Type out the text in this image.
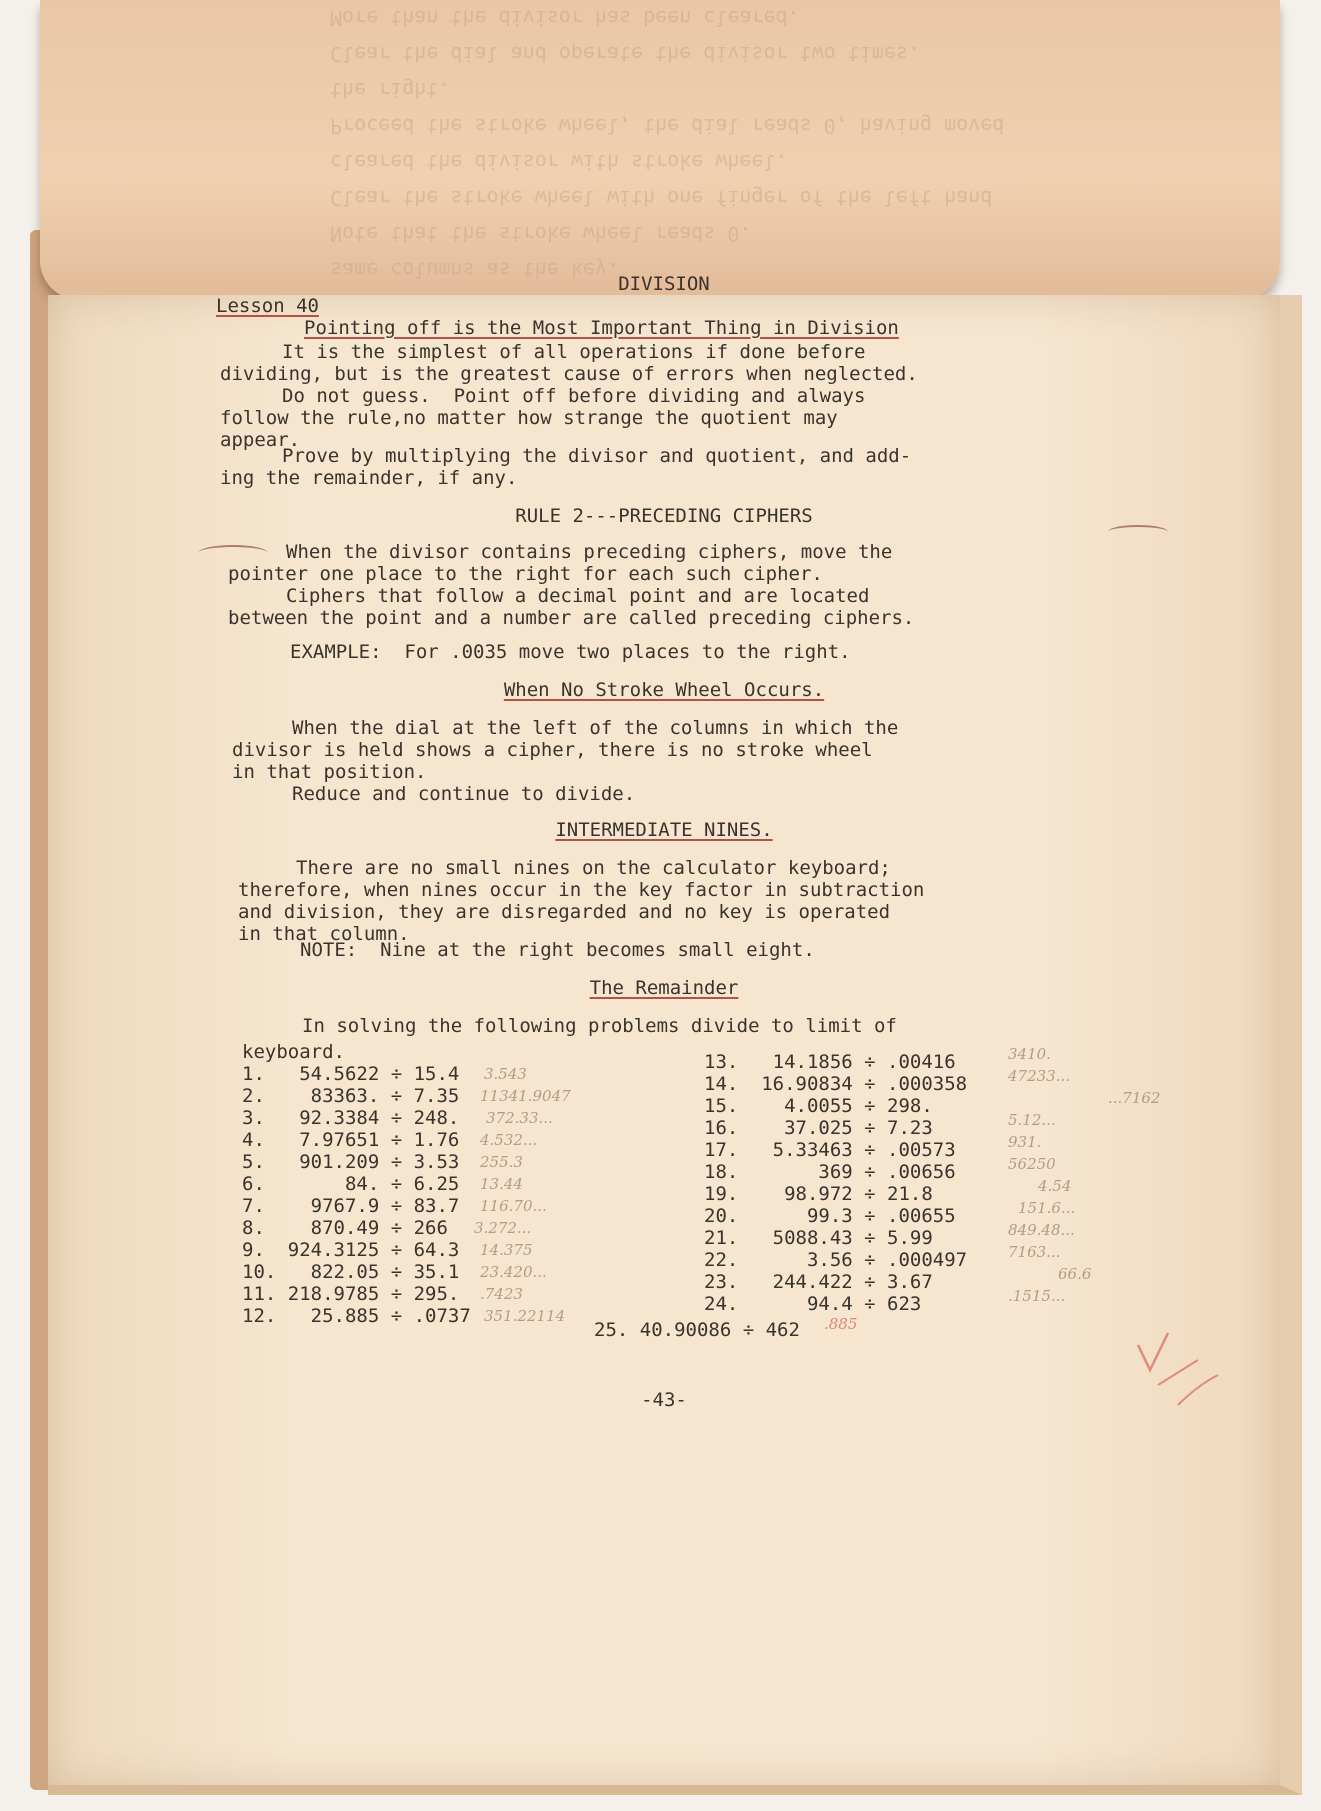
same columns as the key.
Note that the stroke wheel reads 0.
Clear the stroke wheel with one finger of the left hand
cleared the divisor with stroke wheel.
Proceed the stroke wheel, the dial reads 0, having moved
the right.
Clear the dial and operate the divisor two times.
More than the divisor has been cleared.
DIVISION
Lesson 40
Pointing off is the Most Important Thing in Division
It is the simplest of all operations if done before
dividing, but is the greatest cause of errors when neglected.
Do not guess.  Point off before dividing and always
follow the rule,no matter how strange the quotient may
appear.
Prove by multiplying the divisor and quotient, and add-
ing the remainder, if any.
RULE 2---PRECEDING CIPHERS
When the divisor contains preceding ciphers, move the
pointer one place to the right for each such cipher.
Ciphers that follow a decimal point and are located
between the point and a number are called preceding ciphers.
EXAMPLE:  For .0035 move two places to the right.
When No Stroke Wheel Occurs.
When the dial at the left of the columns in which the
divisor is held shows a cipher, there is no stroke wheel
in that position.
Reduce and continue to divide.
INTERMEDIATE NINES.
There are no small nines on the calculator keyboard;
therefore, when nines occur in the key factor in subtraction
and division, they are disregarded and no key is operated
in that column.
NOTE:  Nine at the right becomes small eight.
The Remainder
In solving the following problems divide to limit of
keyboard.
1.   54.5622 ÷ 15.4
2.    83363. ÷ 7.35
3.   92.3384 ÷ 248.
4.   7.97651 ÷ 1.76
5.   901.209 ÷ 3.53
6.       84. ÷ 6.25
7.    9767.9 ÷ 83.7
8.    870.49 ÷ 266
9.  924.3125 ÷ 64.3
10.   822.05 ÷ 35.1
11. 218.9785 ÷ 295.
12.   25.885 ÷ .0737
3.543
11341.9047
372.33...
4.532...
255.3
13.44
116.70...
3.272...
14.375
23.420...
.7423
351.22114
13.   14.1856 ÷ .00416
14.  16.90834 ÷ .000358
15.    4.0055 ÷ 298.
16.    37.025 ÷ 7.23
17.   5.33463 ÷ .00573
18.       369 ÷ .00656
19.    98.972 ÷ 21.8
20.      99.3 ÷ .00655
21.   5088.43 ÷ 5.99
22.      3.56 ÷ .000497
23.   244.422 ÷ 3.67
24.      94.4 ÷ 623
3410.
47233...
...7162
5.12...
931.
56250
4.54
151.6...
849.48...
7163...
66.6
.1515...
25. 40.90086 ÷ 462 .885
-43-
